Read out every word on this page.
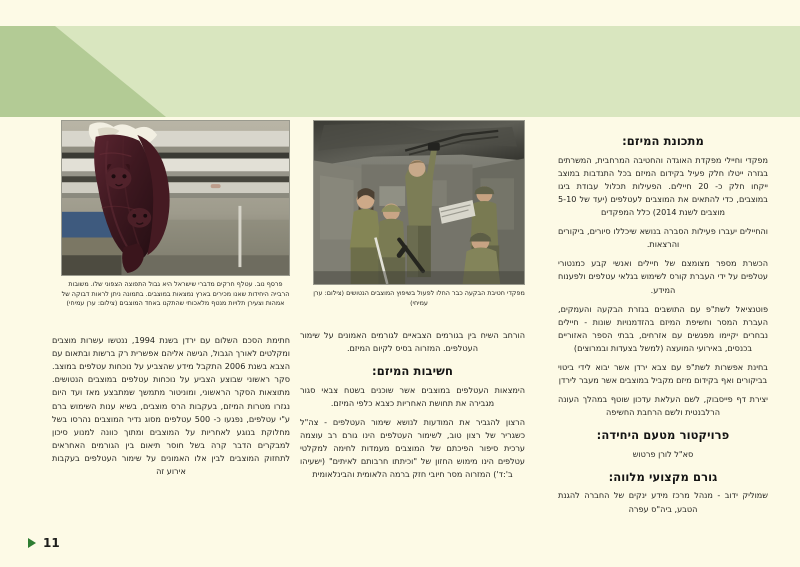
מתכונת המיזם:

מפקדי וחיילי מפקדת האוגדה והחטיבה המרחבית, המשרתים בגזרה ייטלו חלק פעיל בקידום המיזם בכל התנדבות במוצב ייקחו חלק כ- 20 חיילים. הפעילות תכלול עבודת ביגו במוצבים, כדי להתאים את המוצבים לעטלפים (יעד של 5-10 מוצבים לשנת 2014) כלל המפקדים

והחיילים יעברו פעילות הסברה בנושא שיכללו סיורים, ביקורים והרצאות.

הכשרת מספר מצומצם של חיילים ואנשי קבע כמנטורי עטלפים על ידי העברת קורס לשימוש בגלאי עטלפים ולפענוח המידע.

פוטנציאל לשת"פ עם התושבים בגזרת הבקעה והעמקים, העברת המסר וחשיפת המיזם בהזדמנויות שונות - חיילים נבחרים יקיימו מפגשים עם אזרחים, בבתי הספר האזוריים בכנסים, באירועי המועצה (למשל בצעדות ובמרוצים)

בחינת אפשרות לשת"פ עם צבא ירדן אשר יבוא לידי ביטוי בביקורים ואף בקידום מיזם מקביל במוצבים אשר מעבר לירדן

יצירת דף פייסבוק, לשם העלאת עדכון שוטף במהלך העונה הרלבנטית ולשם הרחבת החשיפה

פרויקטור מטעם היחידה:

סא"ל לורן פרטוש

גורם מקצועי מלווה:

שמוליק ידוב - מנהל מרכז מידע ינקים של החברה להגנת הטבע, ביה"ס עפרה

מפקדי חטיבת הבקעה כבר החלו לפעול בשיפוץ המוצבים הנטושים (צילום: ערן עמיחי)

הורחב השיח בין בגורמים הצבאיים לגורמים האמונים על שימור העטלפים. המזרוה בסיס לקיום המיזם.

חשיבות המיזם:

הימצאות העטלפים במוצבים אשר שוכנים בשטח צבאי סגור מגבירה את תחושת האחריות כצבא כלפי המיזם.

הרצון להגביר את המודעות לנושא שימור העטלפים - צה"ל כשגריר של רצון טוב, לשימור העטלפים הינו גורם רב עוצמה ערכית סיפור הפיכתם של המוצבים מעמדות לחימה למקלטי עטלפים הינו מימוש החזון של "וכיתתו חרבותם לאיתים" (ישעיהו ב':ד') המזרוה מסר חיובי חזק ברמה הלאומית והבינלאומית

פרסף נוב. עטלף חרקים מדברי שישראל היא גבול התפוצה הצפוני שלו. משובות הרבייה היחידות שאנו מכירים בארץ נמצאות במוצבים. בתמונה ניתן לראות דבוקה של אמהות וצעירן תלויות מנטף מלאכותי שהתקנו באחד המוצבים (צילום: ערן עמיחי)

חתימת הסכם השלום עם ירדן בשנת 1994, ננטשו עשרות מוצבים ומקלטים לאורך הגבול, הגישה אליהם אפשרית רק ברשות ובתאום עם הצבא בשנת 2006 התקבל מידע שהצביע על נוכחות עטלפים במוצב. סקר ראשוני שבוצע הצביע על נוכחות עטלפים במוצבים הנטושים. מתוצאות הסקר הראשוני, ומוניטור מתמשך שמתבצע מאז ועד היום נגזרו מטרות המיזם, בעקבות הרס מוצבים, בשיא ענות השימוש ברם ע"י עטלפים, נפגעו כ- 500 עטלפים מסוג נדיר המוצבים נהרסו בשל מחלוקת בנוגע לאחריות על המוצבים ומתוך כוונה למנוע סיכון למבקרים הדבר קרה בשל חוסר תיאום בין הגורמים האחראים לתחזוק המוצבים לבין אלו האמונים על שימור העטלפים בעקבות אירוע זה

11
